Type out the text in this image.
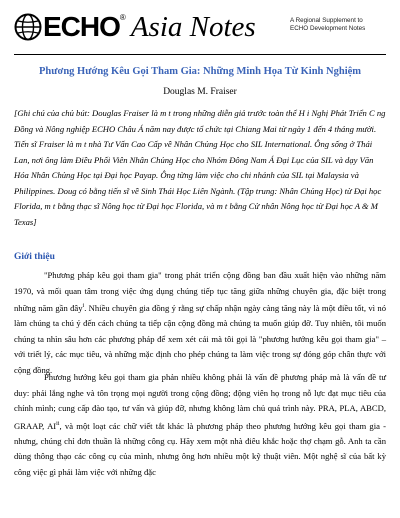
ECHO ® Asia Notes	A Regional Supplement to
ECHO Development Notes
Phương Hướng Kêu Gọi Tham Gia: Những Minh Họa Từ Kinh Nghiệm
Douglas M. Fraiser

[Ghi chú của chủ bút: Douglas Fraiser là m t trong những diễn giả trước toàn thể H i Nghị Phát Triển C ng Đồng và Nông nghiệp ECHO Châu Á năm nay được tổ chức tại Chiang Mai từ ngày 1 đến 4 tháng mười. Tiến sĩ Fraiser là m t nhà Tư Vấn Cao Cấp về Nhân Chủng Học cho SIL International. Ông sống ở Thái Lan, nơi ông làm Điều Phối Viên Nhân Chủng Học cho Nhóm Đông Nam Á Đại Lục của SIL và dạy Văn Hóa Nhân Chủng Học tại Đại học Payap. Ông từng làm việc cho chi nhánh của SIL tại Malaysia và Philippines. Doug có bằng tiến sĩ về Sinh Thái Học Liên Ngành. (Tập trung: Nhân Chủng Học) từ Đại học Florida, m t bằng thạc sĩ Nông học từ Đại học Florida, và m t bằng Cử nhân Nông học từ Đại học A & M Texas]

Giới thiệu

"Phương pháp kêu gọi tham gia" trong phát triển cộng đồng ban đầu xuất hiện vào những năm 1970, và mối quan tâm trong việc ứng dụng chúng tiếp tục tăng giữa những chuyên gia, đặc biệt trong những năm gần đây$^i$. Nhiều chuyên gia đồng ý rằng sự chấp nhận ngày càng tăng này là một điều tốt, vì nó làm chúng ta chú ý đến cách chúng ta tiếp cận cộng đồng mà chúng ta muốn giúp đỡ. Tuy nhiên, tôi muốn chúng ta nhìn sâu hơn các phương pháp để xem xét cái mà tôi gọi là "phương hướng kêu gọi tham gia" – với triết lý, các mục tiêu, và những mặc định cho phép chúng ta làm việc trong sự đóng góp chân thực với cộng đồng.

Phương hướng kêu gọi tham gia phản nhiều không phải là vấn đề phương pháp mà là vấn đề tư duy: phải lắng nghe và tôn trọng mọi người trong cộng đồng; động viên họ trong nỗ lực đạt mục tiêu của chính mình; cung cấp đào tạo, tư vấn và giúp đỡ, nhưng không làm chủ quá trình này. PRA, PLA, ABCD, GRAAP, AI$^{ii}$, và một loạt các chữ viết tắt khác là phương pháp theo phương hướng kêu gọi tham gia - nhưng, chúng chỉ đơn thuần là những công cụ. Hãy xem một nhà điêu khắc hoặc thợ chạm gỗ. Anh ta cần dùng thông thạo các công cụ của mình, nhưng ông hơn nhiều một kỹ thuật viên. Một nghệ sĩ của bất kỳ công việc gì phải làm việc với những đặc
